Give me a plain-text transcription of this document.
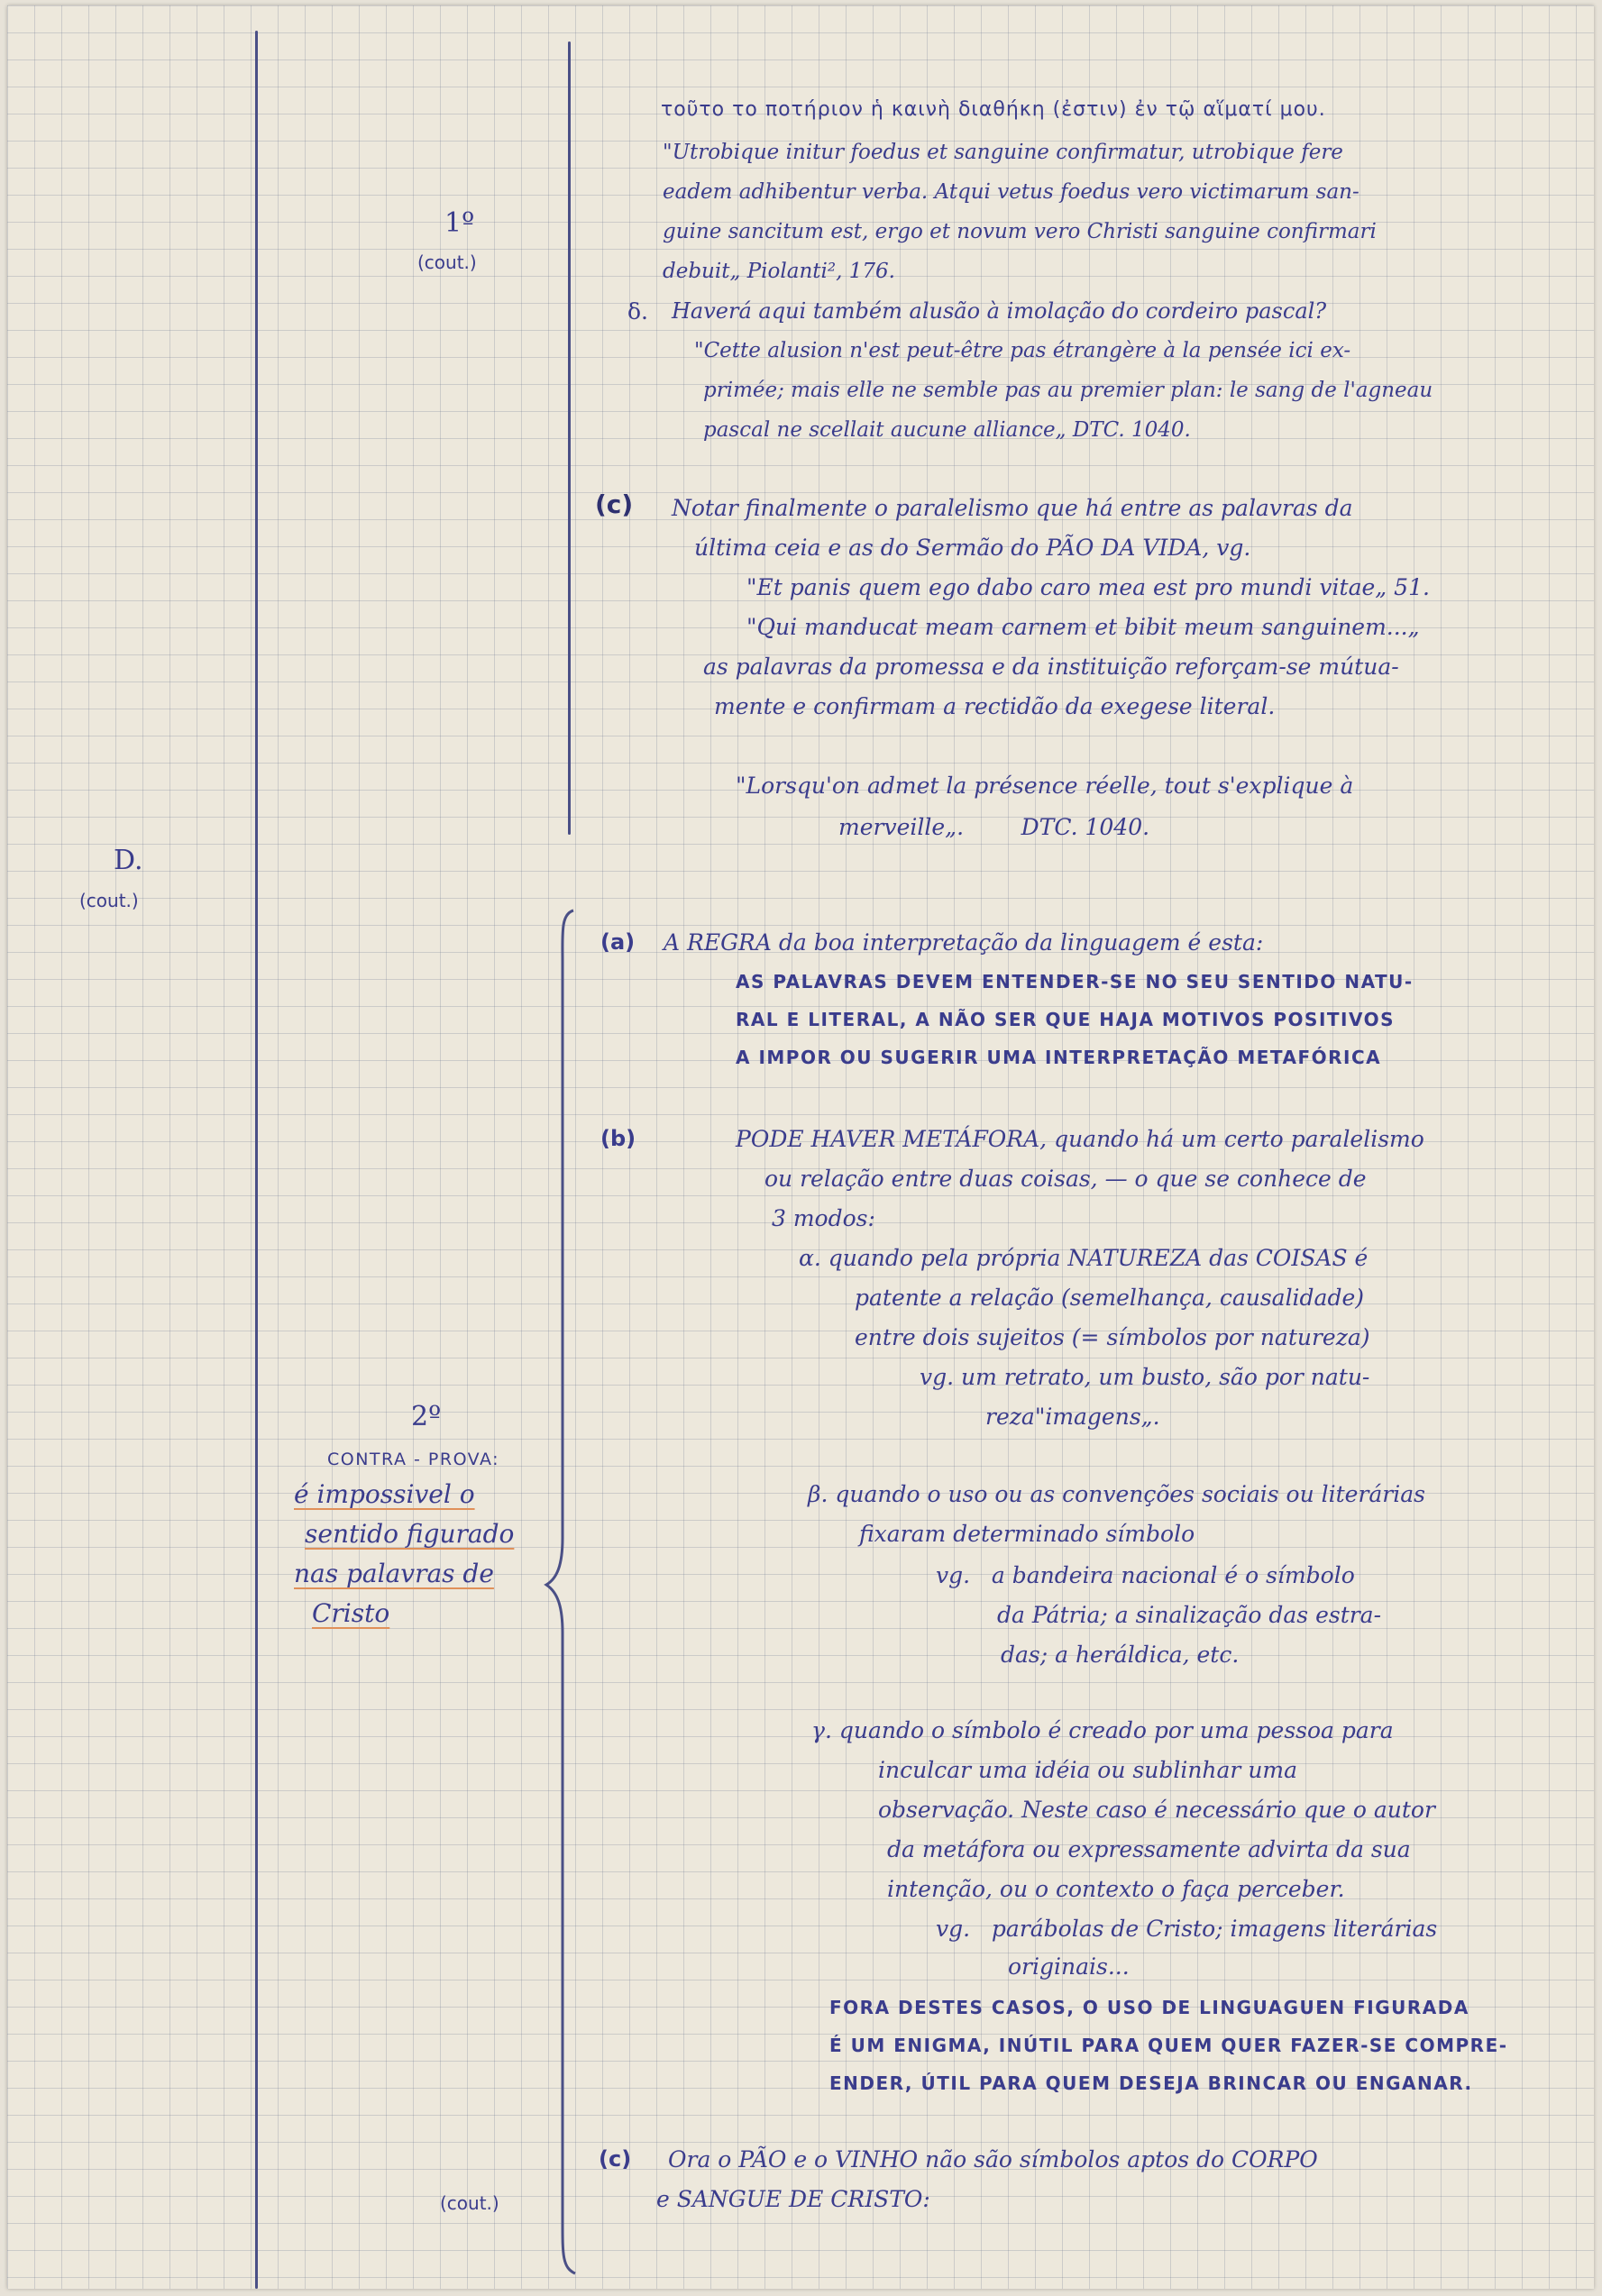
D.
(cout.)
1º
(cout.)
2º
CONTRA - PROVA:
é impossivel o
sentido figurado
nas palavras de
Cristo
(cout.)
τοῦτο το ποτήριον ἡ καινὴ διαθήκη (ἐστιν) ἐν τῷ αἵματί μου.
"Utrobique initur foedus et sanguine confirmatur, utrobique fere
eadem adhibentur verba. Atqui vetus foedus vero victimarum san-
guine sancitum est, ergo et novum vero Christi sanguine confirmari
debuit„ Piolanti², 176.
δ. Haverá aqui também alusão à imolação do cordeiro pascal?
"Cette alusion n'est peut-être pas étrangère à la pensée ici ex-
primée; mais elle ne semble pas au premier plan: le sang de l'agneau
pascal ne scellait aucune alliance„ DTC. 1040.
(c) Notar finalmente o paralelismo que há entre as palavras da
última ceia e as do Sermão do PÃO DA VIDA, vg.
"Et panis quem ego dabo caro mea est pro mundi vitae„ 51.
"Qui manducat meam carnem et bibit meum sanguinem...„
as palavras da promessa e da instituição reforçam-se mútua-
mente e confirmam a rectidão da exegese literal.
"Lorsqu'on admet la présence réelle, tout s'explique à
merveille„.        DTC. 1040.
(a) A REGRA da boa interpretação da linguagem é esta:
AS PALAVRAS DEVEM ENTENDER-SE NO SEU SENTIDO NATU-
RAL E LITERAL, A NÃO SER QUE HAJA MOTIVOS POSITIVOS
A IMPOR OU SUGERIR UMA INTERPRETAÇÃO METAFÓRICA
(b)	PODE HAVER METÁFORA, quando há um certo paralelismo
ou relação entre duas coisas, — o que se conhece de
3 modos:
α. quando pela própria NATUREZA das COISAS é
patente a relação (semelhança, causalidade)
entre dois sujeitos (= símbolos por natureza)
vg. um retrato, um busto, são por natu-
reza"imagens„.
β. quando o uso ou as convenções sociais ou literárias
fixaram determinado símbolo
vg.   a bandeira nacional é o símbolo
da Pátria; a sinalização das estra-
das; a heráldica, etc.
γ. quando o símbolo é creado por uma pessoa para
inculcar uma idéia ou sublinhar uma
observação. Neste caso é necessário que o autor
da metáfora ou expressamente advirta da sua
intenção, ou o contexto o faça perceber.
vg.   parábolas de Cristo; imagens literárias
originais...
FORA DESTES CASOS, O USO DE LINGUAGUEN FIGURADA
É UM ENIGMA, INÚTIL PARA QUEM QUER FAZER-SE COMPRE-
ENDER, ÚTIL PARA QUEM DESEJA BRINCAR OU ENGANAR.
(c) Ora o PÃO e o VINHO não são símbolos aptos do CORPO
e SANGUE DE CRISTO:
